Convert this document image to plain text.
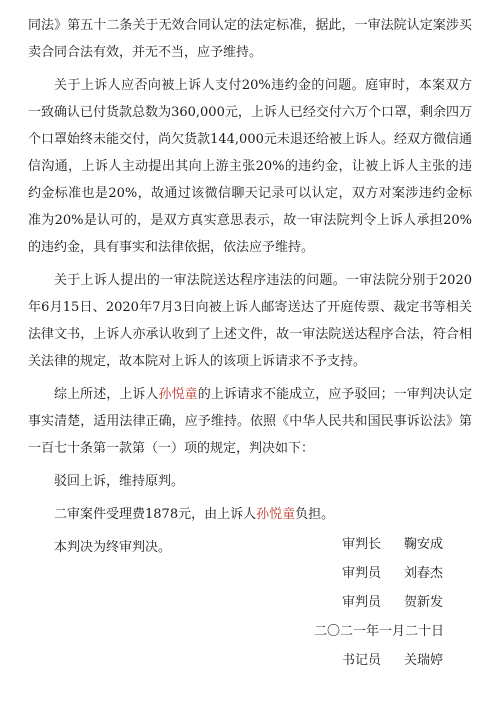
同法》第五十二条关于无效合同认定的法定标准，据此，一审法院认定案涉买卖合同合法有效，并无不当，应予维持。

关于上诉人应否向被上诉人支付20%违约金的问题。庭审时，本案双方一致确认已付货款总数为360,000元，上诉人已经交付六万个口罩，剩余四万个口罩始终未能交付，尚欠货款144,000元未退还给被上诉人。经双方微信通信沟通，上诉人主动提出其向上游主张20%的违约金，让被上诉人主张的违约金标准也是20%，故通过该微信聊天记录可以认定，双方对案涉违约金标准为20%是认可的，是双方真实意思表示，故一审法院判令上诉人承担20%的违约金，具有事实和法律依据，依法应予维持。

关于上诉人提出的一审法院送达程序违法的问题。一审法院分别于2020年6月15日、2020年7月3日向被上诉人邮寄送达了开庭传票、裁定书等相关法律文书，上诉人亦承认收到了上述文件，故一审法院送达程序合法，符合相关法律的规定，故本院对上诉人的该项上诉请求不予支持。

综上所述，上诉人孙悦童的上诉请求不能成立，应予驳回；一审判决认定事实清楚，适用法律正确，应予维持。依照《中华人民共和国民事诉讼法》第一百七十条第一款第（一）项的规定，判决如下：

驳回上诉，维持原判。

二审案件受理费1878元，由上诉人孙悦童负担。

本判决为终审判决。	审判长 鞠安成
审判员 刘春杰
审判员 贺新发
二〇二一年一月二十日
书记员 关瑞婷
